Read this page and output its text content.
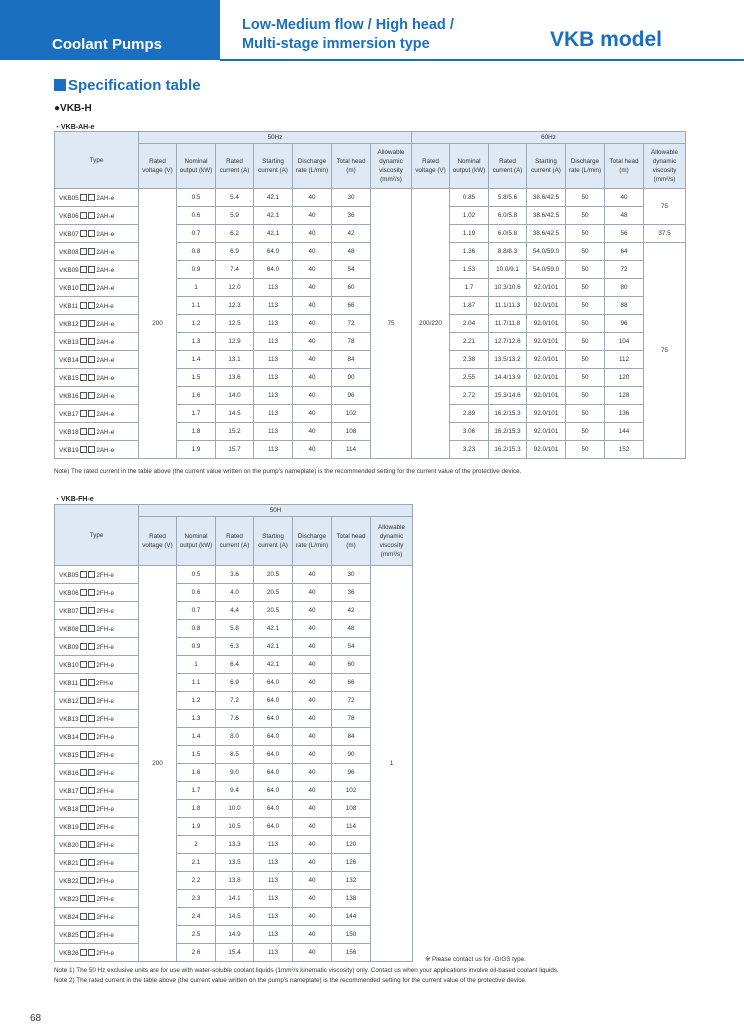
Coolant Pumps
Low-Medium flow / High head /
Multi-stage immersion type	VKB model
Specification table
●VKB-H
・VKB-AH-e
Type	50Hz							60Hz						
	Rated voltage (V)	Nominal output (kW)	Rated current (A)	Starting current (A)	Discharge rate (L/min)	Total head (m)	Allowable dynamic viscosity (mm²/s)	Rated voltage (V)	Nominal output (kW)	Rated current (A)	Starting current (A)	Discharge rate (L/min)	Total head (m)	Allowable dynamic viscosity (mm²/s)
VKB05 2AH-e	200	0.5	5.4	42.1	40	30	75	200/220	0.85	5.8/5.6	38.6/42.5	50	40	75
VKB06 2AH-e		0.6	5.9	42.1	40	36			1.02	6.0/5.8	38.6/42.5	50	48	
VKB07 2AH-e		0.7	6.2	42.1	40	42			1.19	6.0/5.8	38.6/42.5	50	56	37.5
VKB08 2AH-e		0.8	6.9	64.0	40	48			1.36	8.8/8.3	54.0/59.0	50	64	75
VKB09 2AH-e		0.9	7.4	64.0	40	54			1.53	10.0/9.1	54.0/59.0	50	72	
VKB10 2AH-e		1	12.0	113	40	60			1.7	10.3/10.6	92.0/101	50	80	
VKB11 2AH-e		1.1	12.3	113	40	66			1.87	11.1/11.3	92.0/101	50	88	
VKB12 2AH-e		1.2	12.5	113	40	72			2.04	11.7/11.8	92.0/101	50	96	
VKB13 2AH-e		1.3	12.9	113	40	78			2.21	12.7/12.6	92.0/101	50	104	
VKB14 2AH-e		1.4	13.1	113	40	84			2.38	13.5/13.2	92.0/101	50	112	
VKB15 2AH-e		1.5	13.6	113	40	90			2.55	14.4/13.9	92.0/101	50	120	
VKB16 2AH-e		1.6	14.0	113	40	96			2.72	15.3/14.6	92.0/101	50	128	
VKB17 2AH-e		1.7	14.5	113	40	102			2.89	16.2/15.3	92.0/101	50	136	
VKB18 2AH-e		1.8	15.2	113	40	108			3.06	16.2/15.3	92.0/101	50	144	
VKB19 2AH-e		1.9	15.7	113	40	114			3.23	16.2/15.3	92.0/101	50	152	
Note) The rated current in the table above (the current value written on the pump’s nameplate) is the recommended setting for the current value of the protective device.
・VKB-FH-e
Type	50H						
	Rated voltage (V)	Nominal output (kW)	Rated current (A)	Starting current (A)	Discharge rate (L/min)	Total head (m)	Allowable dynamic viscosity (mm²/s)
VKB05 2FH-e	200	0.5	3.6	20.5	40	30	1
VKB06 2FH-e		0.6	4.0	20.5	40	36	
VKB07 2FH-e		0.7	4.4	20.5	40	42	
VKB08 2FH-e		0.8	5.8	42.1	40	48	
VKB09 2FH-e		0.9	6.3	42.1	40	54	
VKB10 2FH-e		1	6.4	42.1	40	60	
VKB11 2FH-e		1.1	6.9	64.0	40	66	
VKB12 2FH-e		1.2	7.2	64.0	40	72	
VKB13 2FH-e		1.3	7.6	64.0	40	78	
VKB14 2FH-e		1.4	8.0	64.0	40	84	
VKB15 2FH-e		1.5	8.5	64.0	40	90	
VKB16 2FH-e		1.6	9.0	64.0	40	96	
VKB17 2FH-e		1.7	9.4	64.0	40	102	
VKB18 2FH-e		1.8	10.0	64.0	40	108	
VKB19 2FH-e		1.9	10.5	64.0	40	114	
VKB20 2FH-e		2	13.3	113	40	120	
VKB21 2FH-e		2.1	13.5	113	40	126	
VKB22 2FH-e		2.2	13.8	113	40	132	
VKB23 2FH-e		2.3	14.1	113	40	138	
VKB24 2FH-e		2.4	14.5	113	40	144	
VKB25 2FH-e		2.5	14.9	113	40	150	
VKB26 2FH-e		2.6	15.4	113	40	156	
※ Please contact us for -G/GS type.
Note 1) The 50 Hz exclusive units are for use with water-soluble coolant liquids (1mm²/s kinematic viscosity) only. Contact us when your applications involve oil-based coolant liquids.
Note 2) The rated current in the table above (the current value written on the pump’s nameplate) is the recommended setting for the current value of the protective device.
68
